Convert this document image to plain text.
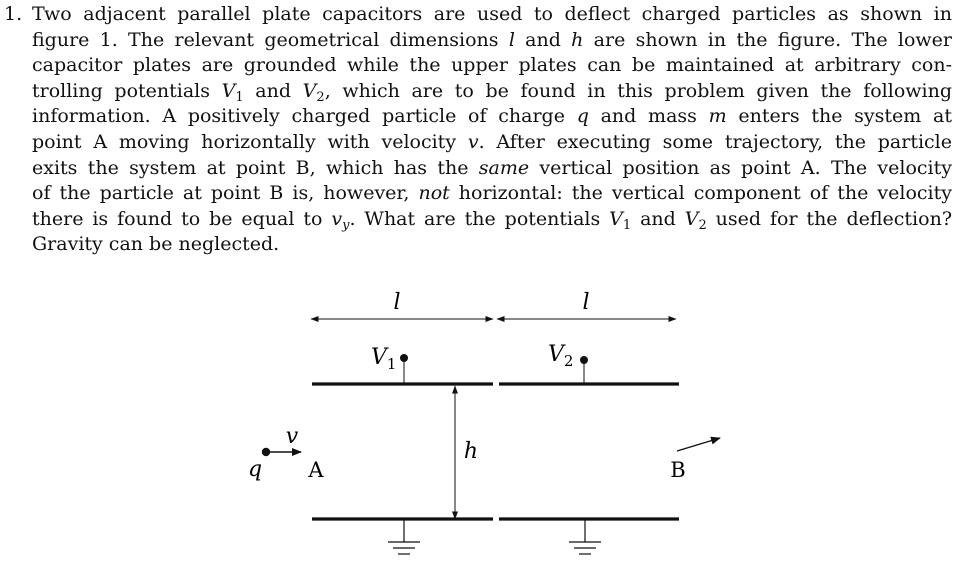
1. Two adjacent parallel plate capacitors are used to deflect charged particles as shown in
figure 1. The relevant geometrical dimensions l and h are shown in the figure. The lower
capacitor plates are grounded while the upper plates can be maintained at arbitrary con-
trolling potentials $V_1$ and $V_2$, which are to be found in this problem given the following
information. A positively charged particle of charge q and mass m enters the system at
point A moving horizontally with velocity v. After executing some trajectory, the particle
exits the system at point B, which has the same vertical position as point A. The velocity
of the particle at point B is, however, not horizontal: the vertical component of the velocity
there is found to be equal to $v_y$. What are the potentials $V_1$ and $V_2$ used for the deflection?
Gravity can be neglected.
l	l
$V_1$	$V_2$
h
v
q A	B
